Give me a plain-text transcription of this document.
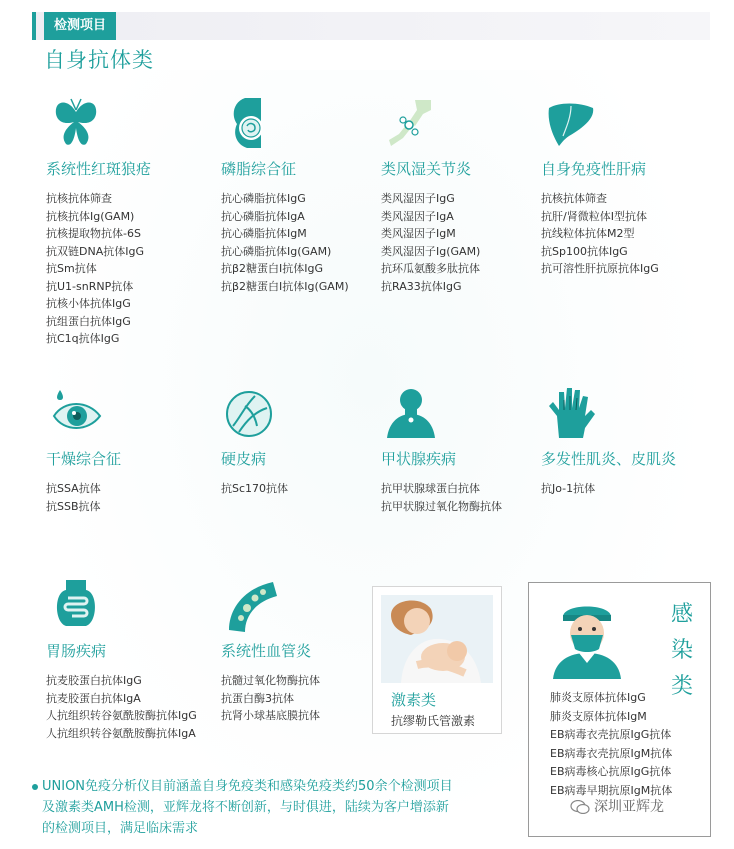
检测项目
自身抗体类
系统性红斑狼疮
抗核抗体筛查
抗核抗体Ig(GAM)
抗核提取物抗体-6S
抗双链DNA抗体IgG
抗Sm抗体
抗U1-snRNP抗体
抗核小体抗体IgG
抗组蛋白抗体IgG
抗C1q抗体IgG
磷脂综合征
抗心磷脂抗体IgG
抗心磷脂抗体IgA
抗心磷脂抗体IgM
抗心磷脂抗体Ig(GAM)
抗β2糖蛋白I抗体IgG
抗β2糖蛋白I抗体Ig(GAM)
类风湿关节炎
类风湿因子IgG
类风湿因子IgA
类风湿因子IgM
类风湿因子Ig(GAM)
抗环瓜氨酸多肽抗体
抗RA33抗体IgG
自身免疫性肝病
抗核抗体筛查
抗肝/肾微粒体I型抗体
抗线粒体抗体M2型
抗Sp100抗体IgG
抗可溶性肝抗原抗体IgG
干燥综合征
抗SSA抗体
抗SSB抗体
硬皮病
抗Sc170抗体
甲状腺疾病
抗甲状腺球蛋白抗体
抗甲状腺过氧化物酶抗体
多发性肌炎、皮肌炎
抗Jo-1抗体
胃肠疾病
抗麦胶蛋白抗体IgG
抗麦胶蛋白抗体IgA
人抗组织转谷氨酰胺酶抗体IgG
人抗组织转谷氨酰胺酶抗体IgA
系统性血管炎
抗髓过氧化物酶抗体
抗蛋白酶3抗体
抗肾小球基底膜抗体
激素类
抗缪勒氏管激素
感
染
类
肺炎支原体抗体IgG
肺炎支原体抗体IgM
EB病毒衣壳抗原IgG抗体
EB病毒衣壳抗原IgM抗体
EB病毒核心抗原IgG抗体
EB病毒早期抗原IgM抗体
UNION免疫分析仪目前涵盖自身免疫类和感染免疫类约50余个检测项目
及激素类AMH检测，亚辉龙将不断创新，与时俱进，陆续为客户增添新
的检测项目，满足临床需求
深圳亚辉龙
